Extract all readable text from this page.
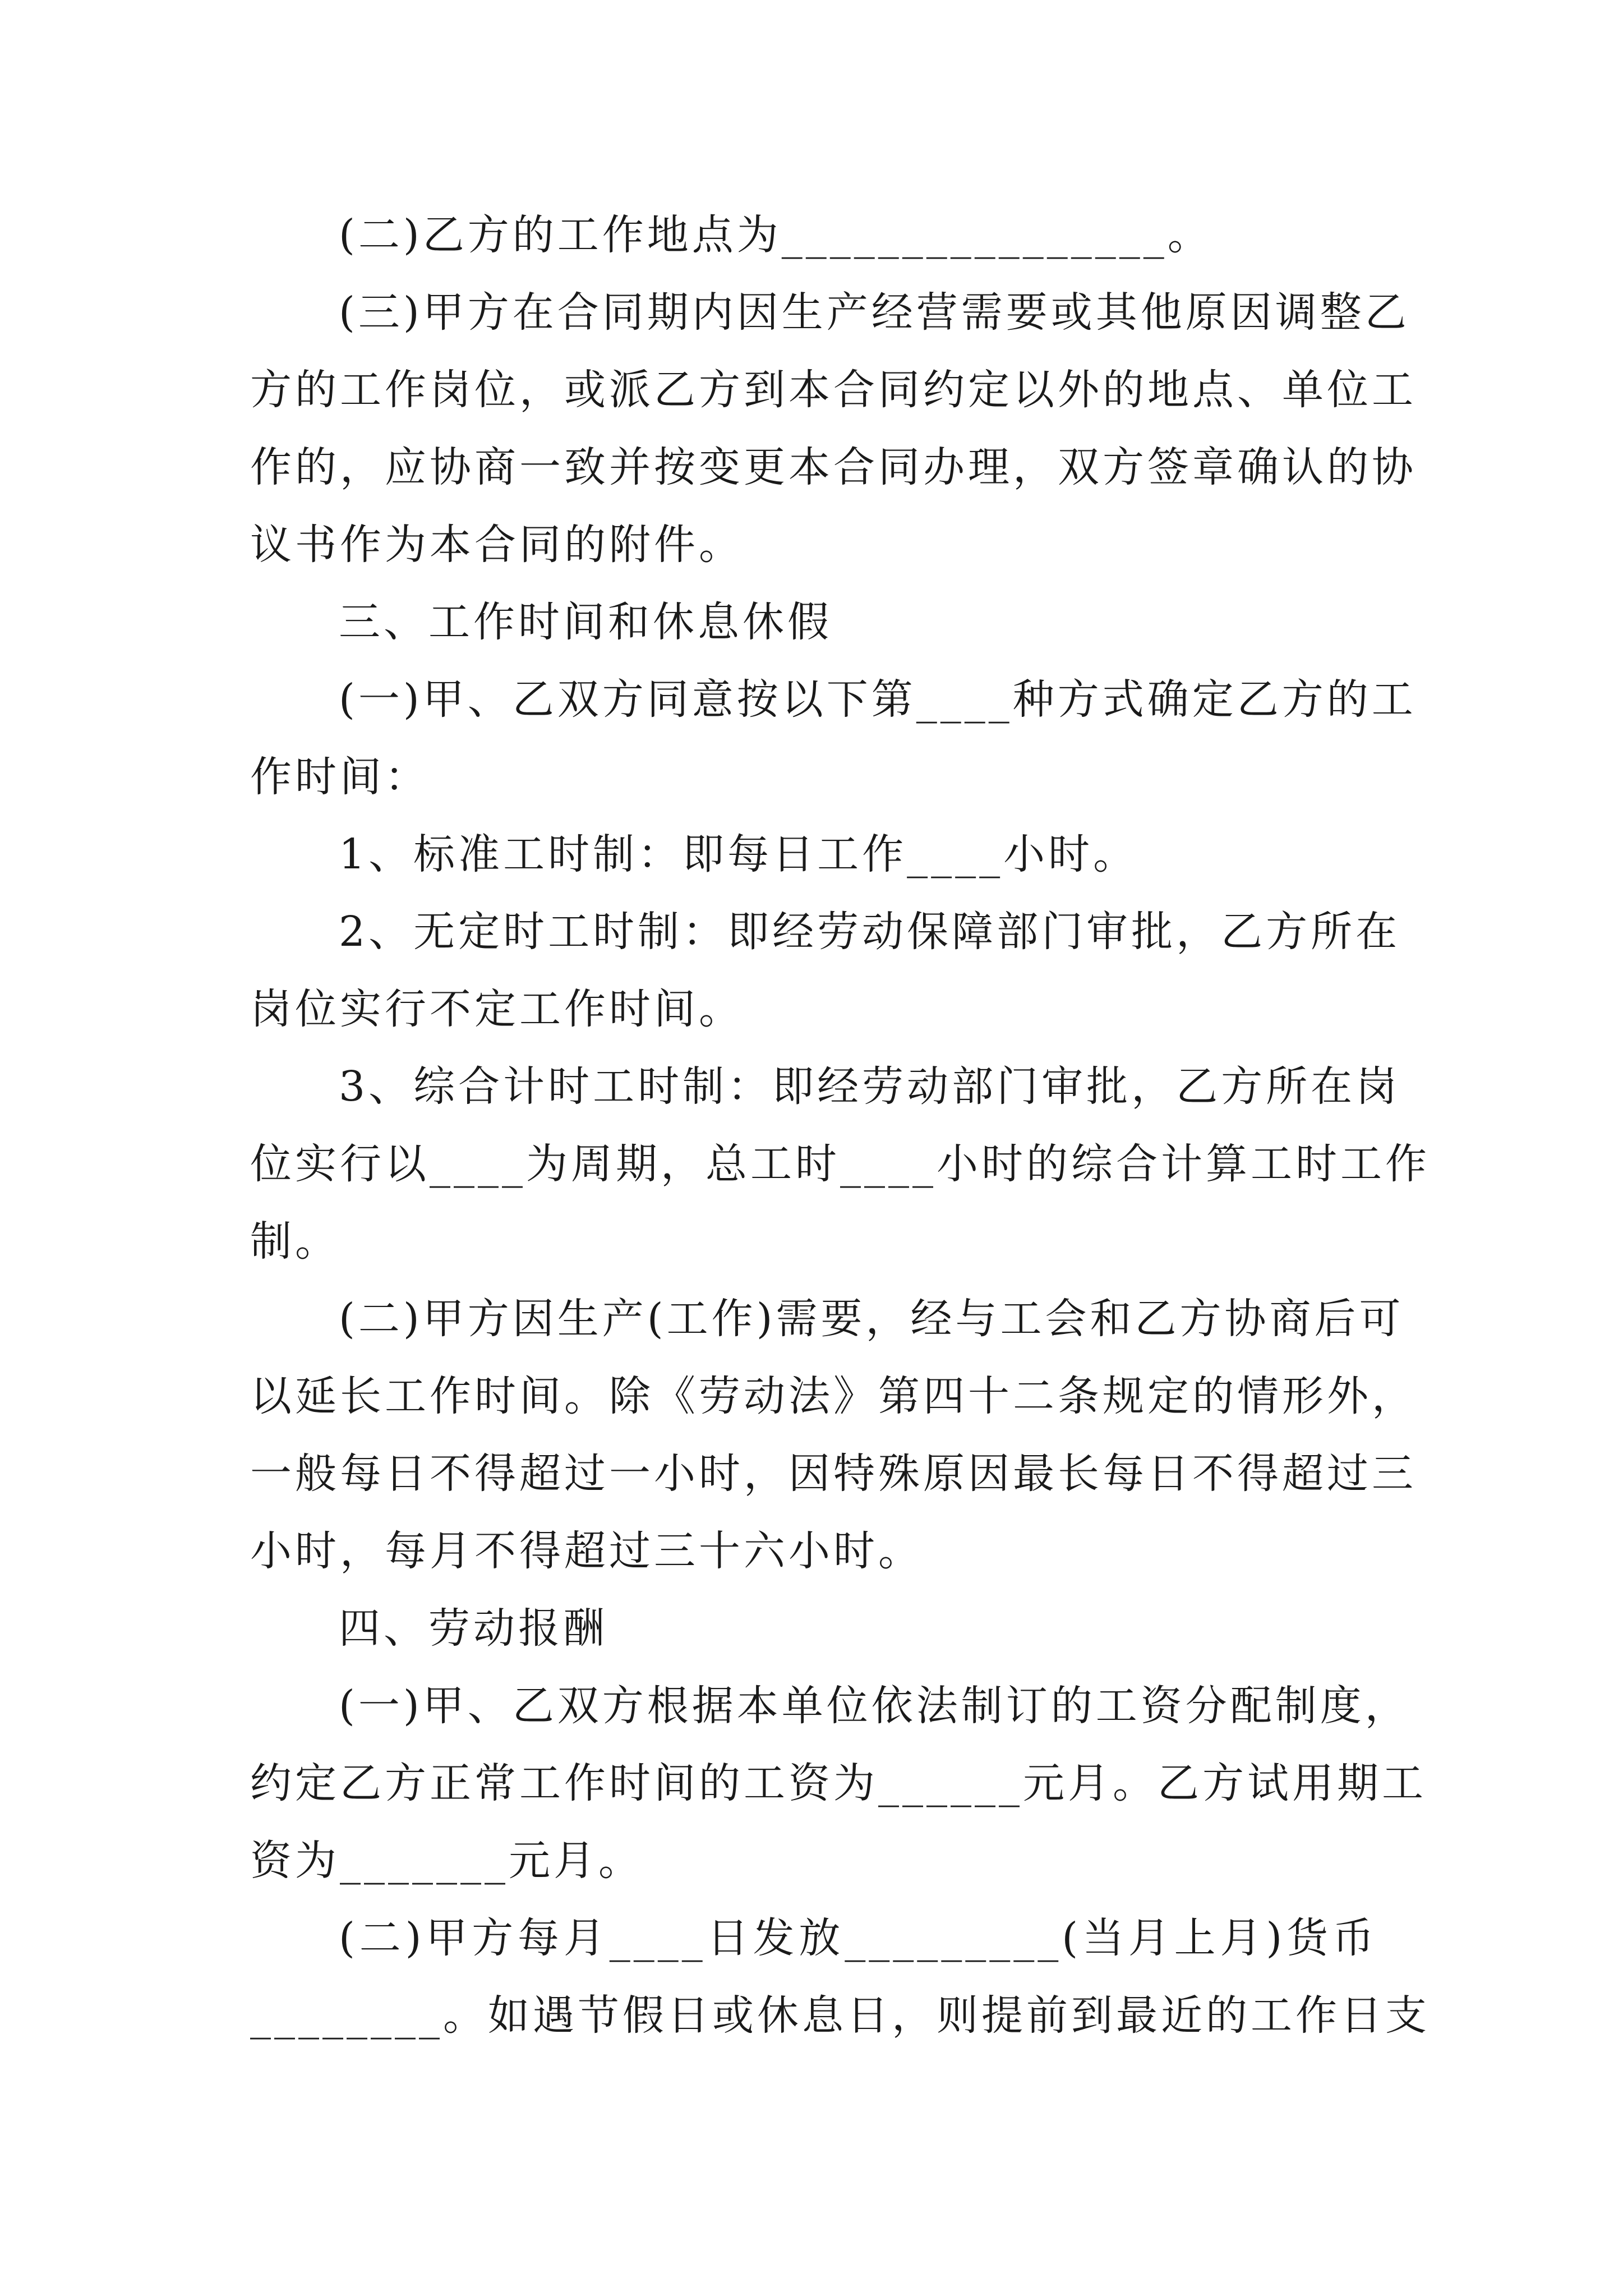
(二)乙方的工作地点为________________。
(三)甲方在合同期内因生产经营需要或其他原因调整乙
方的工作岗位，或派乙方到本合同约定以外的地点、单位工
作的，应协商一致并按变更本合同办理，双方签章确认的协
议书作为本合同的附件。
三、工作时间和休息休假
(一)甲、乙双方同意按以下第____种方式确定乙方的工
作时间：
1、标准工时制：即每日工作____小时。
2、无定时工时制：即经劳动保障部门审批，乙方所在
岗位实行不定工作时间。
3、综合计时工时制：即经劳动部门审批，乙方所在岗
位实行以____为周期，总工时____小时的综合计算工时工作
制。
(二)甲方因生产(工作)需要，经与工会和乙方协商后可
以延长工作时间。除《劳动法》第四十二条规定的情形外，
一般每日不得超过一小时，因特殊原因最长每日不得超过三
小时，每月不得超过三十六小时。
四、劳动报酬
(一)甲、乙双方根据本单位依法制订的工资分配制度，
约定乙方正常工作时间的工资为______元月。乙方试用期工
资为_______元月。
(二)甲方每月____日发放_________(当月上月)货币
________。如遇节假日或休息日，则提前到最近的工作日支
